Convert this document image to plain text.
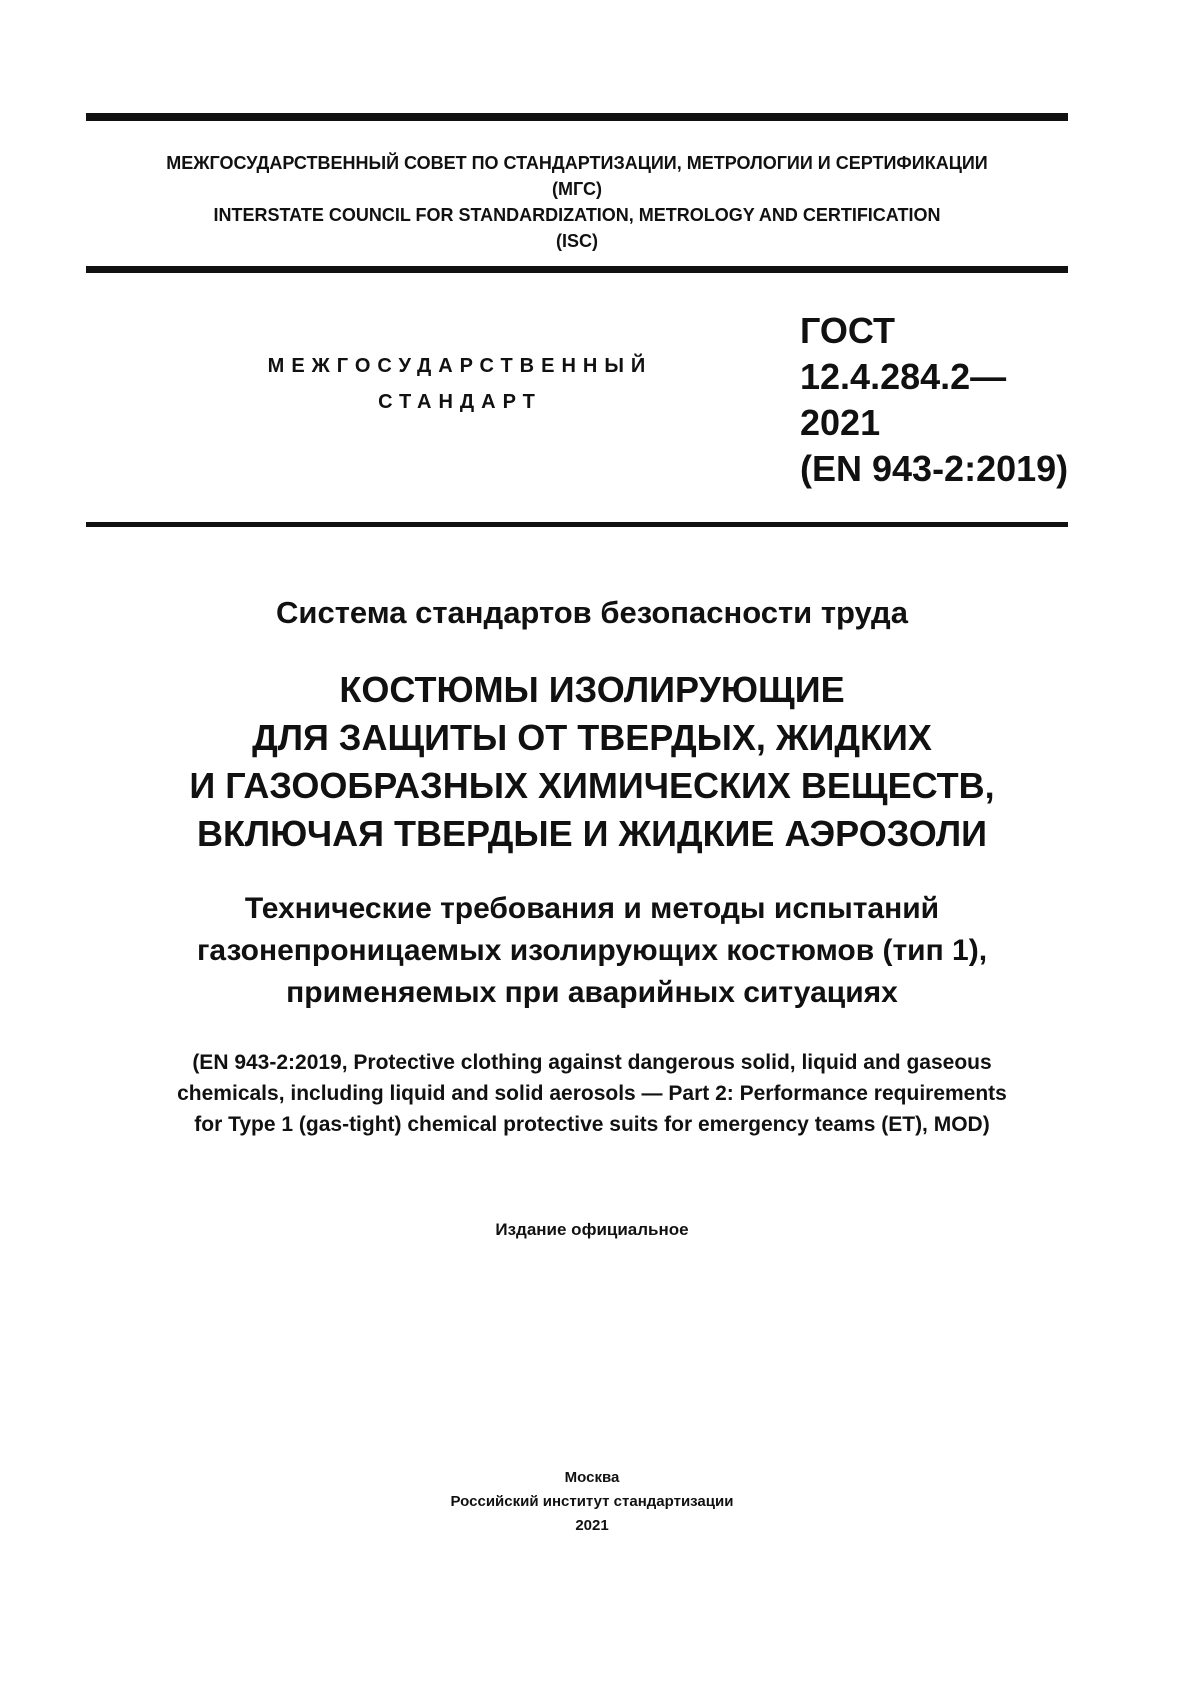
МЕЖГОСУДАРСТВЕННЫЙ СОВЕТ ПО СТАНДАРТИЗАЦИИ, МЕТРОЛОГИИ И СЕРТИФИКАЦИИ
(МГС)
INTERSTATE COUNCIL FOR STANDARDIZATION, METROLOGY AND CERTIFICATION
(ISC)
МЕЖГОСУДАРСТВЕННЫЙ
СТАНДАРТ
ГОСТ
12.4.284.2—
2021
(EN 943-2:2019)
Система стандартов безопасности труда
КОСТЮМЫ ИЗОЛИРУЮЩИЕ
ДЛЯ ЗАЩИТЫ ОТ ТВЕРДЫХ, ЖИДКИХ
И ГАЗООБРАЗНЫХ ХИМИЧЕСКИХ ВЕЩЕСТВ,
ВКЛЮЧАЯ ТВЕРДЫЕ И ЖИДКИЕ АЭРОЗОЛИ
Технические требования и методы испытаний
газонепроницаемых изолирующих костюмов (тип 1),
применяемых при аварийных ситуациях
(EN 943-2:2019, Protective clothing against dangerous solid, liquid and gaseous
chemicals, including liquid and solid aerosols — Part 2: Performance requirements
for Type 1 (gas-tight) chemical protective suits for emergency teams (ET), MOD)
Издание официальное
Москва
Российский институт стандартизации
2021
